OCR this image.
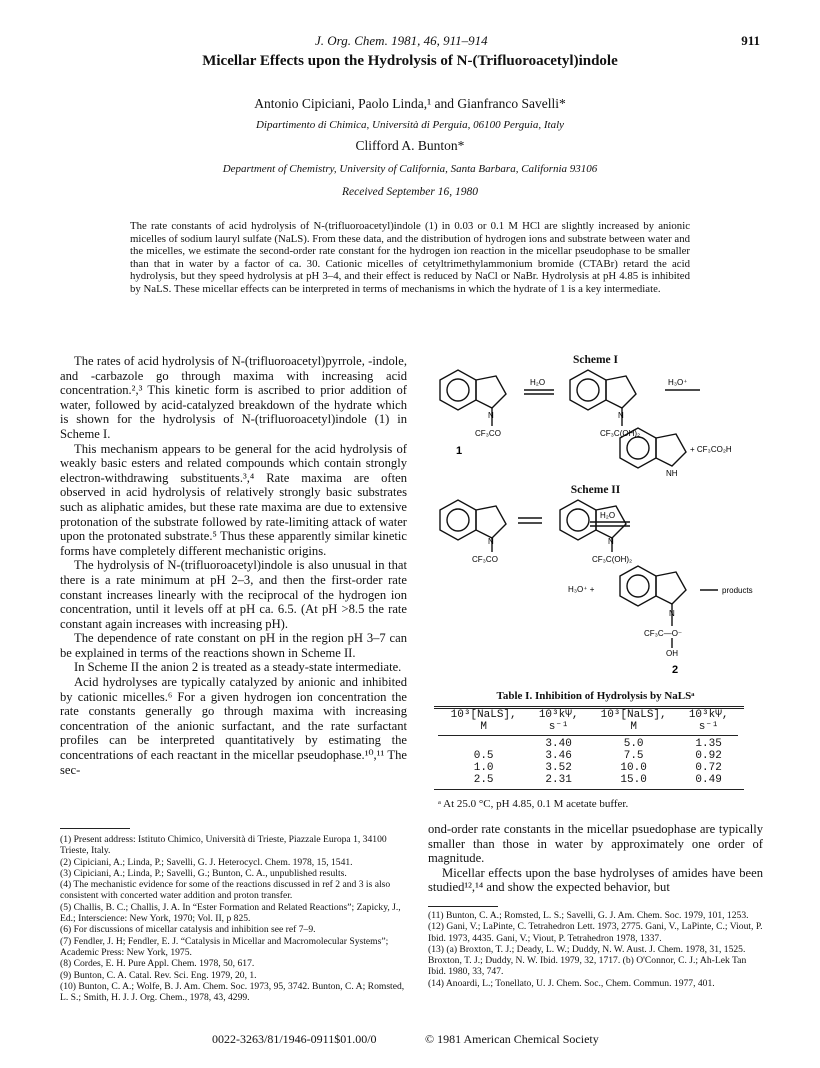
J. Org. Chem. 1981, 46, 911–914	911
Micellar Effects upon the Hydrolysis of N-(Trifluoroacetyl)indole
Antonio Cipiciani, Paolo Linda,¹ and Gianfranco Savelli*
Dipartimento di Chimica, Università di Perguia, 06100 Perguia, Italy
Clifford A. Bunton*
Department of Chemistry, University of California, Santa Barbara, California 93106
Received September 16, 1980
The rate constants of acid hydrolysis of N-(trifluoroacetyl)indole (1) in 0.03 or 0.1 M HCl are slightly increased by anionic micelles of sodium lauryl sulfate (NaLS). From these data, and the distribution of hydrogen ions and substrate between water and the micelles, we estimate the second-order rate constant for the hydrogen ion reaction in the micellar pseudophase to be smaller than that in water by a factor of ca. 30. Cationic micelles of cetyltrimethylammonium bromide (CTABr) retard the acid hydrolysis, but they speed hydrolysis at pH 3–4, and their effect is reduced by NaCl or NaBr. Hydrolysis at pH 4.85 is inhibited by NaLS. These micellar effects can be interpreted in terms of mechanisms in which the hydrate of 1 is a key intermediate.

The rates of acid hydrolysis of N-(trifluoroacetyl)pyrrole, -indole, and -carbazole go through maxima with increasing acid concentration.²,³ This kinetic form is ascribed to prior addition of water, followed by acid-catalyzed breakdown of the hydrate which is shown for the hydrolysis of N-(trifluoroacetyl)indole (1) in Scheme I.

This mechanism appears to be general for the acid hydrolysis of weakly basic esters and related compounds which contain strongly electron-withdrawing substituents.³,⁴ Rate maxima are often observed in acid hydrolysis of relatively strongly basic substrates such as aliphatic amides, but these rate maxima are due to extensive protonation of the substrate followed by rate-limiting attack of water upon the protonated substrate.⁵ Thus these apparently similar kinetic forms have completely different mechanistic origins.

The hydrolysis of N-(trifluoroacetyl)indole is also unusual in that there is a rate minimum at pH 2–3, and then the first-order rate constant increases linearly with the reciprocal of the hydrogen ion concentration, until it levels off at pH ca. 6.5. (At pH >8.5 the rate constant again increases with increasing pH).

The dependence of rate constant on pH in the region pH 3–7 can be explained in terms of the reactions shown in Scheme II.

In Scheme II the anion 2 is treated as a steady-state intermediate.

Acid hydrolyses are typically catalyzed by anionic and inhibited by cationic micelles.⁶ For a given hydrogen ion concentration the rate constants generally go through maxima with increasing concentration of the anionic surfactant, and the rate surfactant profiles can be interpreted quantitatively by estimating the concentrations of each reactant in the micellar pseudophase.¹⁰,¹¹ The sec-

(1) Present address: Istituto Chimico, Università di Trieste, Piazzale Europa 1, 34100 Trieste, Italy.

(2) Cipiciani, A.; Linda, P.; Savelli, G. J. Heterocycl. Chem. 1978, 15, 1541.

(3) Cipiciani, A.; Linda, P.; Savelli, G.; Bunton, C. A., unpublished results.

(4) The mechanistic evidence for some of the reactions discussed in ref 2 and 3 is also consistent with concerted water addition and proton transfer.

(5) Challis, B. C.; Challis, J. A. In “Ester Formation and Related Reactions”; Zapicky, J., Ed.; Interscience: New York, 1970; Vol. II, p 825.

(6) For discussions of micellar catalysis and inhibition see ref 7–9.

(7) Fendler, J. H; Fendler, E. J. “Catalysis in Micellar and Macromolecular Systems”; Academic Press: New York, 1975.

(8) Cordes, E. H. Pure Appl. Chem. 1978, 50, 617.

(9) Bunton, C. A. Catal. Rev. Sci. Eng. 1979, 20, 1.

(10) Bunton, C. A.; Wolfe, B. J. Am. Chem. Soc. 1973, 95, 3742. Bunton, C. A; Romsted, L. S.; Smith, H. J. J. Org. Chem., 1978, 43, 4299.

Scheme I
H₂O	H₃O⁺
N	N
CF₃CO	CF₃C(OH)₂
1
NH
+ CF₃CO₂H
Scheme II
H₂O
N	N
CF₃CO	CF₃C(OH)₂
H₃O⁺ +	products
N
CF₃C—O⁻
OH
2
Table I. Inhibition of Hydrolysis by NaLSᵃ
10³[NaLS],	10³kΨ,	10³[NaLS],	10³kΨ,
M	s⁻¹	M	s⁻¹

	3.40	5.0	1.35
0.5	3.46	7.5	0.92
1.0	3.52	10.0	0.72
2.5	2.31	15.0	0.49
ᵃ At 25.0 °C, pH 4.85, 0.1 M acetate buffer.

ond-order rate constants in the micellar psuedophase are typically smaller than those in water by approximately one order of magnitude.

Micellar effects upon the base hydrolyses of amides have been studied¹²,¹⁴ and show the expected behavior, but

(11) Bunton, C. A.; Romsted, L. S.; Savelli, G. J. Am. Chem. Soc. 1979, 101, 1253.

(12) Gani, V.; LaPinte, C. Tetrahedron Lett. 1973, 2775. Gani, V., LaPinte, C.; Viout, P. Ibid. 1973, 4435. Gani, V.; Viout, P. Tetrahedron 1978, 1337.

(13) (a) Broxton, T. J.; Deady, L. W.; Duddy, N. W. Aust. J. Chem. 1978, 31, 1525. Broxton, T. J.; Duddy, N. W. Ibid. 1979, 32, 1717. (b) O'Connor, C. J.; Ah-Lek Tan Ibid. 1980, 33, 747.

(14) Anoardi, L.; Tonellato, U. J. Chem. Soc., Chem. Commun. 1977, 401.

0022-3263/81/1946-0911$01.00/0	© 1981 American Chemical Society
